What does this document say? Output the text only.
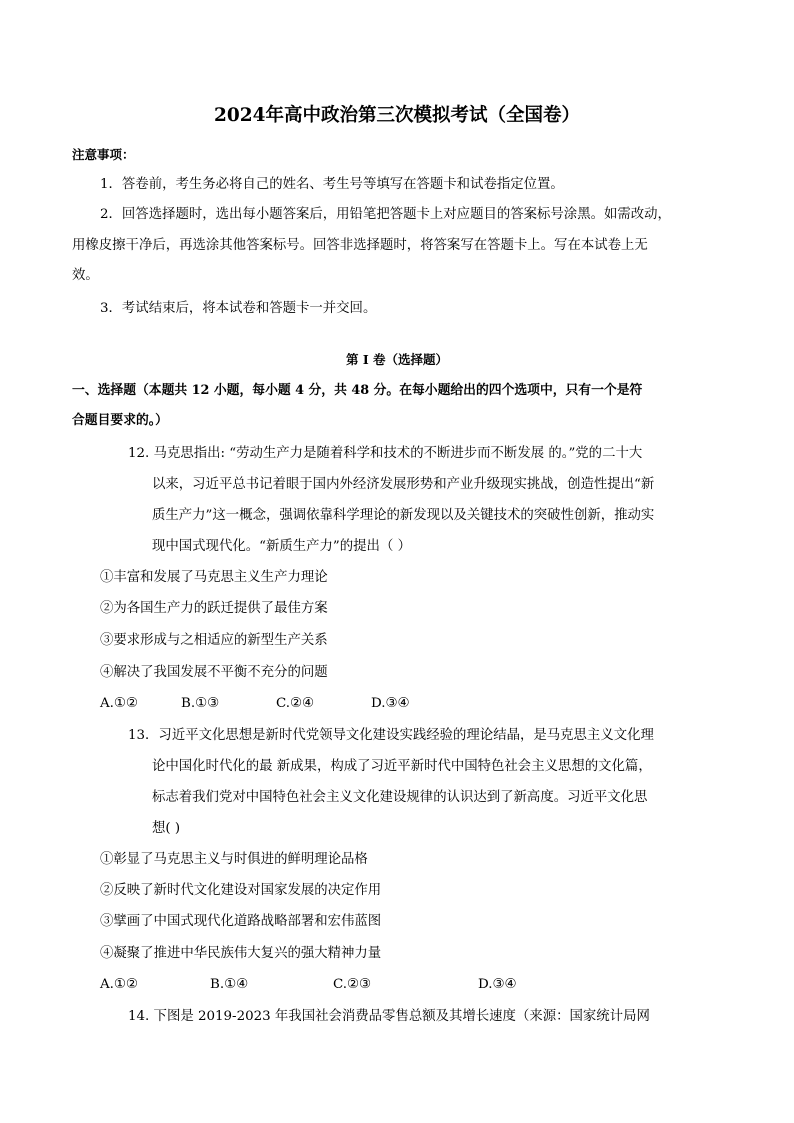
2024年高中政治第三次模拟考试（全国卷）
注意事项：
1．答卷前，考生务必将自己的姓名、考生号等填写在答题卡和试卷指定位置。
2．回答选择题时，选出每小题答案后，用铅笔把答题卡上对应题目的答案标号涂黑。如需改动，
用橡皮擦干净后，再选涂其他答案标号。回答非选择题时，将答案写在答题卡上。写在本试卷上无
效。
3．考试结束后，将本试卷和答题卡一并交回。
第 I 卷（选择题）
一、选择题（本题共 12 小题，每小题 4 分，共 48 分。在每小题给出的四个选项中，只有一个是符
合题目要求的。）
12. 马克思指出: “劳动生产力是随着科学和技术的不断进步而不断发展 的。”党的二十大
以来，习近平总书记着眼于国内外经济发展形势和产业升级现实挑战，创造性提出“新
质生产力”这一概念，强调依靠科学理论的新发现以及关键技术的突破性创新，推动实
现中国式现代化。“新质生产力”的提出（ ）
①丰富和发展了马克思主义生产力理论
②为各国生产力的跃迁提供了最佳方案
③要求形成与之相适应的新型生产关系
④解决了我国发展不平衡不充分的问题
A.①②	B.①③	C.②④	D.③④
13．习近平文化思想是新时代党领导文化建设实践经验的理论结晶，是马克思主义文化理
论中国化时代化的最 新成果，构成了习近平新时代中国特色社会主义思想的文化篇，
标志着我们党对中国特色社会主义文化建设规律的认识达到了新高度。习近平文化思
想( )
①彰显了马克思主义与时俱进的鲜明理论品格
②反映了新时代文化建设对国家发展的决定作用
③擘画了中国式现代化道路战略部署和宏伟蓝图
④凝聚了推进中华民族伟大复兴的强大精神力量
A.①②	B.①④	C.②③	D.③④
14. 下图是 2019-2023 年我国社会消费品零售总额及其增长速度（来源：国家统计局网
